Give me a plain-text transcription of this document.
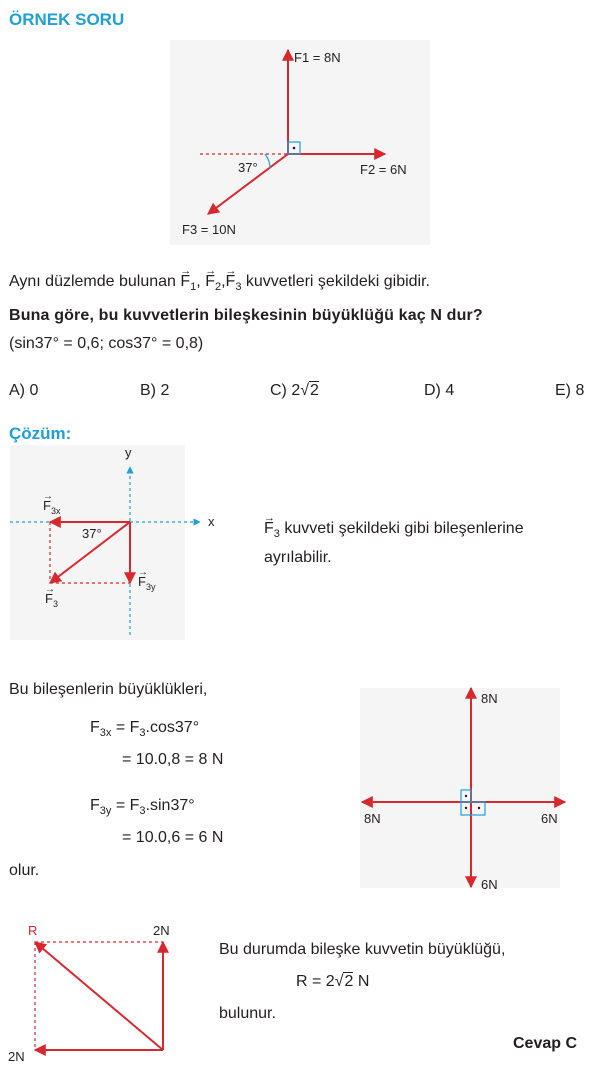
ÖRNEK SORU
F1 = 8N
F2 = 6N
F3 = 10N
37°
Aynı düzlemde bulunan → $F_1$, → $F_2,\to F_3$ kuvvetleri şekildeki gibidir.
Buna göre, bu kuvvetlerin bileşkesinin büyüklüğü kaç N dur?
(sin37° = 0,6; cos37° = 0,8)
A) 0	B) 2	C) 2√2	D) 4	E) 8
Çözüm:
y
x
37°
$F_{3x}$
$F_{3y}$
$F_3$
→
→
→
→ $F_3$ kuvveti şekildeki gibi bileşenlerine
ayrılabilir.
Bu bileşenlerin büyüklükleri,
$F_{3x} = F_3.\cos 37^\circ$
= 10.0,8 = 8 N
$F_{3y} = F_3.\sin 37^\circ$
= 10.0,6 = 6 N
olur.
8N
8N	6N
6N
R	2N
2N
Bu durumda bileşke kuvvetin büyüklüğü,
R = 2√2 N
bulunur.
Cevap C
